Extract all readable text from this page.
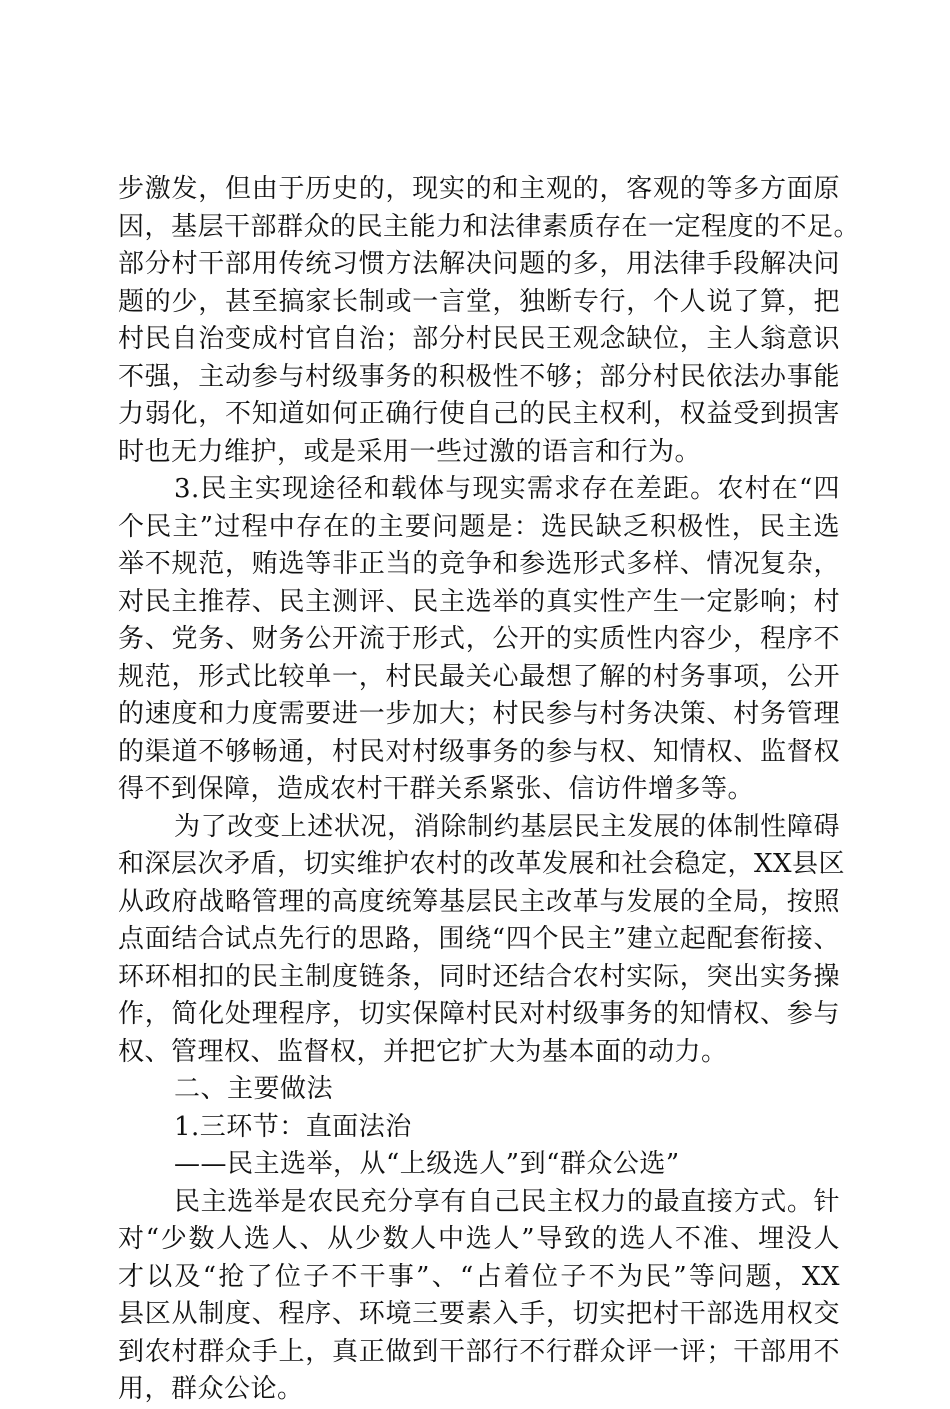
步激发，但由于历史的，现实的和主观的，客观的等多方面原
因，基层干部群众的民主能力和法律素质存在一定程度的不足。
部分村干部用传统习惯方法解决问题的多，用法律手段解决问
题的少，甚至搞家长制或一言堂，独断专行，个人说了算，把
村民自治变成村官自治；部分村民民王观念缺位，主人翁意识
不强，主动参与村级事务的积极性不够；部分村民依法办事能
力弱化，不知道如何正确行使自己的民主权利，权益受到损害
时也无力维护，或是采用一些过激的语言和行为。
3.民主实现途径和载体与现实需求存在差距。农村在“四
个民主”过程中存在的主要问题是：选民缺乏积极性，民主选
举不规范，贿选等非正当的竞争和参选形式多样、情况复杂，
对民主推荐、民主测评、民主选举的真实性产生一定影响；村
务、党务、财务公开流于形式，公开的实质性内容少，程序不
规范，形式比较单一，村民最关心最想了解的村务事项，公开
的速度和力度需要进一步加大；村民参与村务决策、村务管理
的渠道不够畅通，村民对村级事务的参与权、知情权、监督权
得不到保障，造成农村干群关系紧张、信访件增多等。
为了改变上述状况，消除制约基层民主发展的体制性障碍
和深层次矛盾，切实维护农村的改革发展和社会稳定，XX县区
从政府战略管理的高度统筹基层民主改革与发展的全局，按照
点面结合试点先行的思路，围绕“四个民主”建立起配套衔接、
环环相扣的民主制度链条，同时还结合农村实际，突出实务操
作，简化处理程序，切实保障村民对村级事务的知情权、参与
权、管理权、监督权，并把它扩大为基本面的动力。
二、主要做法
1.三环节：直面法治
——民主选举，从“上级选人”到“群众公选”
民主选举是农民充分享有自己民主权力的最直接方式。针
对“少数人选人、从少数人中选人”导致的选人不准、埋没人
才以及“抢了位子不干事”、“占着位子不为民”等问题，XX
县区从制度、程序、环境三要素入手，切实把村干部选用权交
到农村群众手上，真正做到干部行不行群众评一评；干部用不
用，群众公论。
